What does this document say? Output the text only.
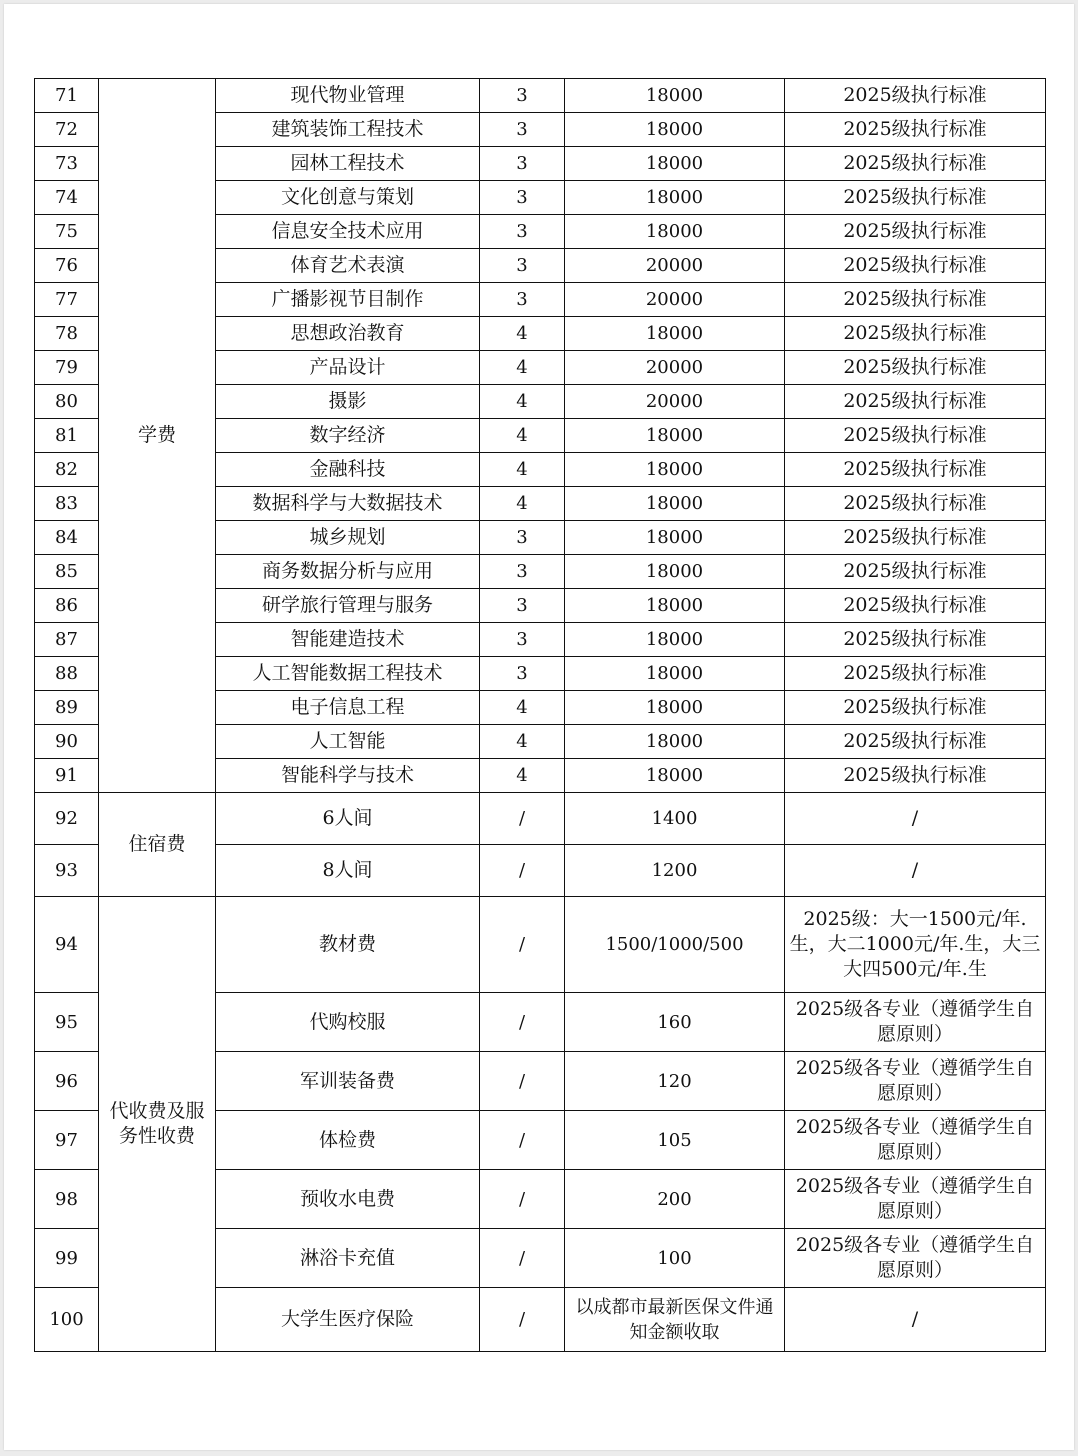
71	学费	现代物业管理	3	18000	2025级执行标准
72		建筑装饰工程技术	3	18000	2025级执行标准
73		园林工程技术	3	18000	2025级执行标准
74		文化创意与策划	3	18000	2025级执行标准
75		信息安全技术应用	3	18000	2025级执行标准
76		体育艺术表演	3	20000	2025级执行标准
77		广播影视节目制作	3	20000	2025级执行标准
78		思想政治教育	4	18000	2025级执行标准
79		产品设计	4	20000	2025级执行标准
80		摄影	4	20000	2025级执行标准
81		数字经济	4	18000	2025级执行标准
82		金融科技	4	18000	2025级执行标准
83		数据科学与大数据技术	4	18000	2025级执行标准
84		城乡规划	3	18000	2025级执行标准
85		商务数据分析与应用	3	18000	2025级执行标准
86		研学旅行管理与服务	3	18000	2025级执行标准
87		智能建造技术	3	18000	2025级执行标准
88		人工智能数据工程技术	3	18000	2025级执行标准
89		电子信息工程	4	18000	2025级执行标准
90		人工智能	4	18000	2025级执行标准
91		智能科学与技术	4	18000	2025级执行标准
92	住宿费	6人间	/	1400	/
93		8人间	/	1200	/
94	代收费及服务性收费	教材费	/	1500/1000/500	2025级：大一1500元/年.生，大二1000元/年.生，大三大四500元/年.生
95		代购校服	/	160	2025级各专业（遵循学生自愿原则）
96		军训装备费	/	120	2025级各专业（遵循学生自愿原则）
97		体检费	/	105	2025级各专业（遵循学生自愿原则）
98		预收水电费	/	200	2025级各专业（遵循学生自愿原则）
99		淋浴卡充值	/	100	2025级各专业（遵循学生自愿原则）
100		大学生医疗保险	/	以成都市最新医保文件通知金额收取	/
